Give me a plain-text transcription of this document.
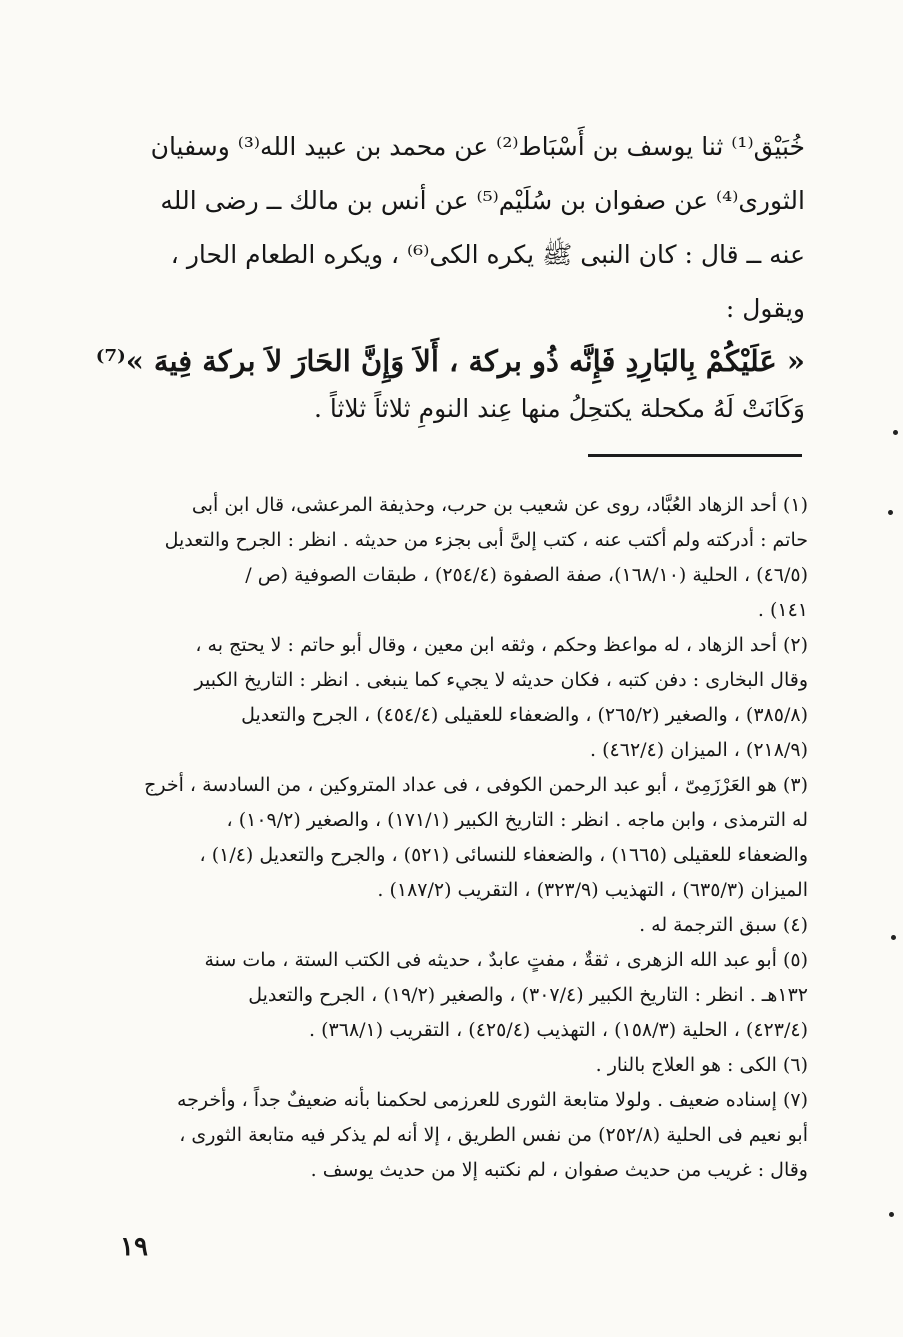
خُبَيْق⁽¹⁾ ثنا يوسف بن أَسْبَاط⁽²⁾ عن محمد بن عبيد الله⁽³⁾ وسفيان
الثورى⁽⁴⁾ عن صفوان بن سُلَيْم⁽⁵⁾ عن أنس بن مالك ــ رضى الله
عنه ــ قال : كان النبى ﷺ يكره الكى⁽⁶⁾ ، ويكره الطعام الحار ،
ويقول :
« عَلَيْكُمْ بِالبَارِدِ فَإِنَّه ذُو بركة ، أَلاَ وَإِنَّ الحَارَ لاَ بركة فِيهَ »⁽⁷⁾
وَكَانَتْ لَهُ مكحلة يكتحِلُ منها عِند النومِ ثلاثاً ثلاثاً .
(١) أحد الزهاد العُبَّاد، روى عن شعيب بن حرب، وحذيفة المرعشى، قال ابن أبى
حاتم : أدركته ولم أكتب عنه ، كتب إلىَّ أبى بجزء من حديثه . انظر : الجرح والتعديل
(٤٦/٥) ، الحلية (١٦٨/١٠)، صفة الصفوة (٢٥٤/٤) ، طبقات الصوفية (ص /
١٤١) .
(٢) أحد الزهاد ، له مواعظ وحكم ، وثقه ابن معين ، وقال أبو حاتم : لا يحتج به ،
وقال البخارى : دفن كتبه ، فكان حديثه لا يجيء كما ينبغى . انظر : التاريخ الكبير
(٣٨٥/٨) ، والصغير (٢٦٥/٢) ، والضعفاء للعقيلى (٤٥٤/٤) ، الجرح والتعديل
(٢١٨/٩) ، الميزان (٤٦٢/٤) .
(٣) هو العَرْزَمِىّ ، أبو عبد الرحمن الكوفى ، فى عداد المتروكين ، من السادسة ، أخرج
له الترمذى ، وابن ماجه . انظر : التاريخ الكبير (١٧١/١) ، والصغير (١٠٩/٢) ،
والضعفاء للعقيلى (١٦٦٥) ، والضعفاء للنسائى (٥٢١) ، والجرح والتعديل (١/٤) ،
الميزان (٦٣٥/٣) ، التهذيب (٣٢٣/٩) ، التقريب (١٨٧/٢) .
(٤) سبق الترجمة له .
(٥) أبو عبد الله الزهرى ، ثقةٌ ، مفتٍ عابدٌ ، حديثه فى الكتب الستة ، مات سنة
١٣٢هـ . انظر : التاريخ الكبير (٣٠٧/٤) ، والصغير (١٩/٢) ، الجرح والتعديل
(٤٢٣/٤) ، الحلية (١٥٨/٣) ، التهذيب (٤٢٥/٤) ، التقريب (٣٦٨/١) .
(٦) الكى : هو العلاج بالنار .
(٧) إسناده ضعيف . ولولا متابعة الثورى للعرزمى لحكمنا بأنه ضعيفٌ جداً ، وأخرجه
أبو نعيم فى الحلية (٢٥٢/٨) من نفس الطريق ، إلا أنه لم يذكر فيه متابعة الثورى ،
وقال : غريب من حديث صفوان ، لم نكتبه إلا من حديث يوسف .
١٩
